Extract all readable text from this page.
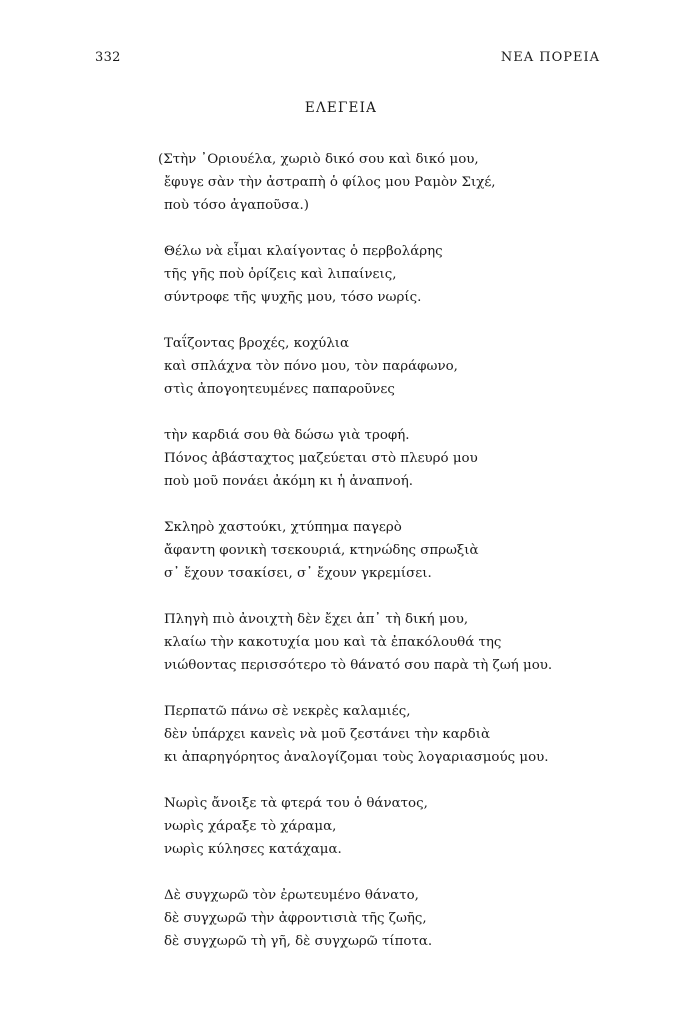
332	ΝΕΑ ΠΟΡΕΙΑ
ΕΛΕΓΕΙΑ
(Στὴν ᾿Οριουέλα, χωριὸ δικό σου καὶ δικό μου,
ἔφυγε σὰν τὴν ἀστραπὴ ὁ φίλος μου Ραμὸν Σιχέ,
ποὺ τόσο ἀγαποῦσα.)
Θέλω νὰ εἶμαι κλαίγοντας ὁ περβολάρης
τῆς γῆς ποὺ ὁρίζεις καὶ λιπαίνεις,
σύντροφε τῆς ψυχῆς μου, τόσο νωρίς.
Ταΐζοντας βροχές, κοχύλια
καὶ σπλάχνα τὸν πόνο μου, τὸν παράφωνο,
στὶς ἀπογοητευμένες παπαροῦνες
τὴν καρδιά σου θὰ δώσω γιὰ τροφή.
Πόνος ἀβάσταχτος μαζεύεται στὸ πλευρό μου
ποὺ μοῦ πονάει ἀκόμη κι ἡ ἀναπνοή.
Σκληρὸ χαστούκι, χτύπημα παγερὸ
ἄφαντη φονικὴ τσεκουριά, κτηνώδης σπρωξιὰ
σ᾿ ἔχουν τσακίσει, σ᾿ ἔχουν γκρεμίσει.
Πληγὴ πιὸ ἀνοιχτὴ δὲν ἔχει ἀπ᾿ τὴ δική μου,
κλαίω τὴν κακοτυχία μου καὶ τὰ ἐπακόλουθά της
νιώθοντας περισσότερο τὸ θάνατό σου παρὰ τὴ ζωή μου.
Περπατῶ πάνω σὲ νεκρὲς καλαμιές,
δὲν ὑπάρχει κανεὶς νὰ μοῦ ζεστάνει τὴν καρδιὰ
κι ἀπαρηγόρητος ἀναλογίζομαι τοὺς λογαριασμούς μου.
Νωρὶς ἄνοιξε τὰ φτερά του ὁ θάνατος,
νωρὶς χάραξε τὸ χάραμα,
νωρὶς κύλησες κατάχαμα.
Δὲ συγχωρῶ τὸν ἐρωτευμένο θάνατο,
δὲ συγχωρῶ τὴν ἀφροντισιὰ τῆς ζωῆς,
δὲ συγχωρῶ τὴ γῆ, δὲ συγχωρῶ τίποτα.
